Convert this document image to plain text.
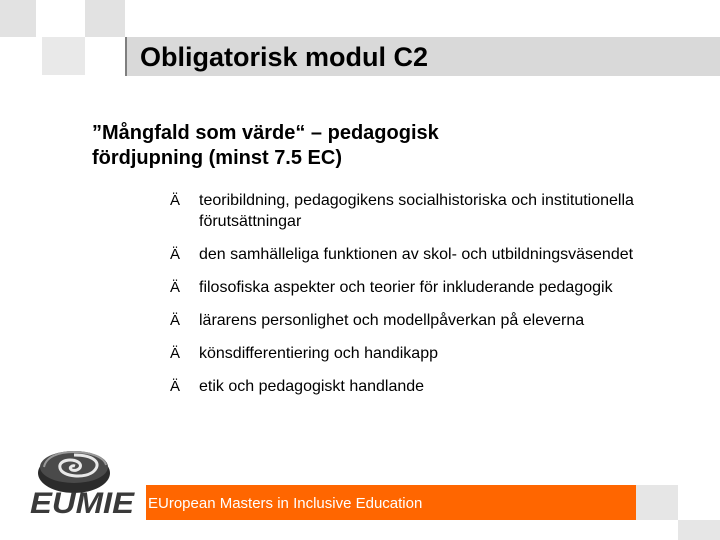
Obligatorisk modul C2
”Mångfald som värde“ – pedagogisk fördjupning (minst 7.5 EC)
Ä	teoribildning, pedagogikens socialhistoriska och institutionella förutsättningar
Ä	den samhälleliga funktionen av skol- och utbildningsväsendet
Ä	filosofiska aspekter och teorier för inkluderande pedagogik
Ä	lärarens personlighet och modellpåverkan på eleverna
Ä	könsdifferentiering och handikapp
Ä	etik och pedagogiskt handlande
EUMIE EUropean Masters in Inclusive Education
